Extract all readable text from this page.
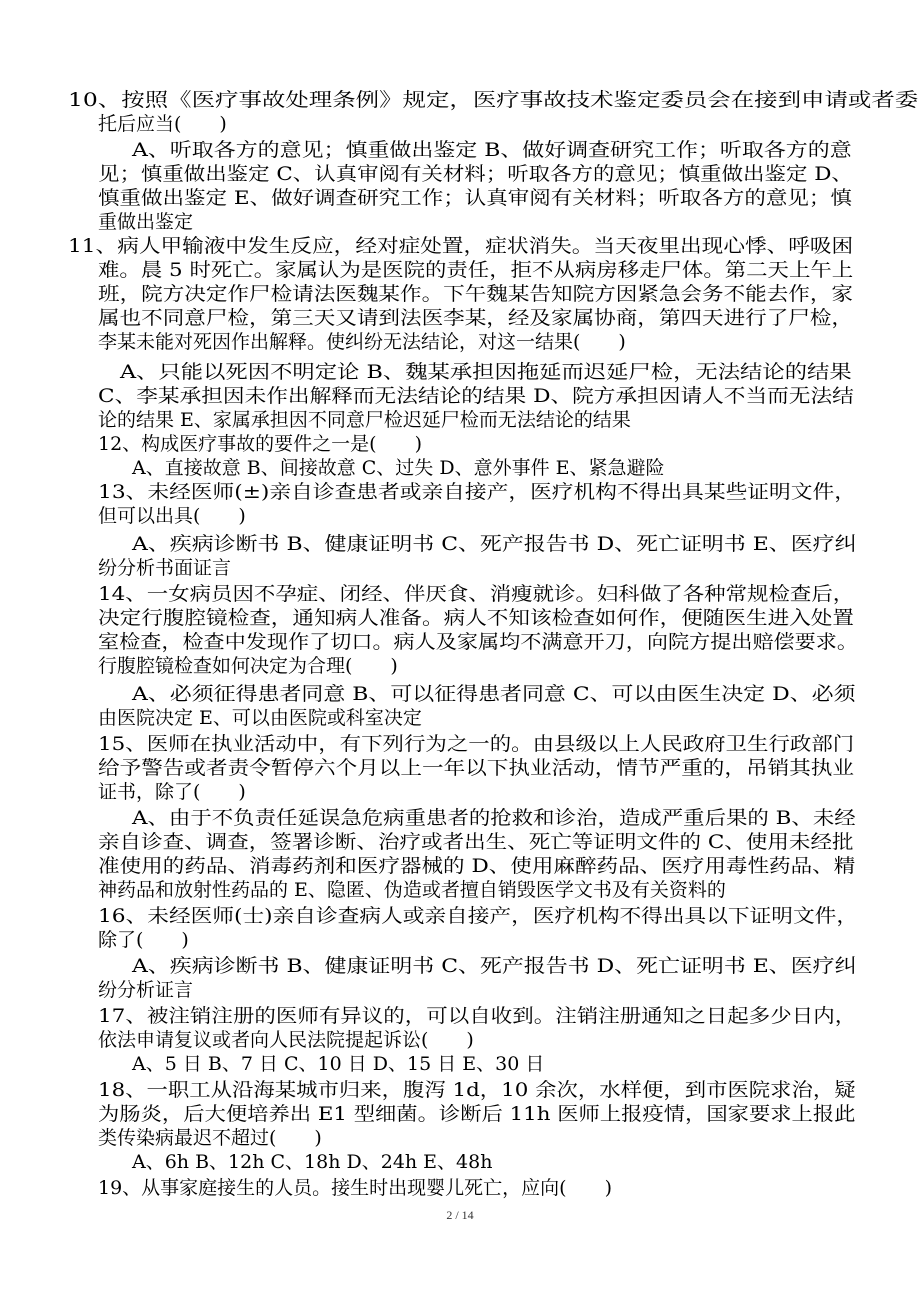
10、按照《医疗事故处理条例》规定，医疗事故技术鉴定委员会在接到申请或者委
托后应当(　　)
A、听取各方的意见；慎重做出鉴定 B、做好调查研究工作；听取各方的意
见；慎重做出鉴定 C、认真审阅有关材料；听取各方的意见；慎重做出鉴定 D、
慎重做出鉴定 E、做好调查研究工作；认真审阅有关材料；听取各方的意见；慎
重做出鉴定
11、病人甲输液中发生反应，经对症处置，症状消失。当天夜里出现心悸、呼吸困
难。晨 5 时死亡。家属认为是医院的责任，拒不从病房移走尸体。第二天上午上
班，院方决定作尸检请法医魏某作。下午魏某告知院方因紧急会务不能去作，家
属也不同意尸检，第三天又请到法医李某，经及家属协商，第四天进行了尸检，
李某未能对死因作出解释。使纠纷无法结论，对这一结果(　　)
A、只能以死因不明定论 B、魏某承担因拖延而迟延尸检，无法结论的结果
C、李某承担因未作出解释而无法结论的结果 D、院方承担因请人不当而无法结
论的结果 E、家属承担因不同意尸检迟延尸检而无法结论的结果
12、构成医疗事故的要件之一是(　　)
A、直接故意 B、间接故意 C、过失 D、意外事件 E、紧急避险
13、未经医师(±)亲自诊查患者或亲自接产，医疗机构不得出具某些证明文件，
但可以出具(　　)
A、疾病诊断书 B、健康证明书 C、死产报告书 D、死亡证明书 E、医疗纠
纷分析书面证言
14、一女病员因不孕症、闭经、伴厌食、消瘦就诊。妇科做了各种常规检查后，
决定行腹腔镜检查，通知病人准备。病人不知该检查如何作，便随医生进入处置
室检查，检查中发现作了切口。病人及家属均不满意开刀，向院方提出赔偿要求。
行腹腔镜检查如何决定为合理(　　)
A、必须征得患者同意 B、可以征得患者同意 C、可以由医生决定 D、必须
由医院决定 E、可以由医院或科室决定
15、医师在执业活动中，有下列行为之一的。由县级以上人民政府卫生行政部门
给予警告或者责令暂停六个月以上一年以下执业活动，情节严重的，吊销其执业
证书，除了(　　)
A、由于不负责任延误急危病重患者的抢救和诊治，造成严重后果的 B、未经
亲自诊查、调查，签署诊断、治疗或者出生、死亡等证明文件的 C、使用未经批
准使用的药品、消毒药剂和医疗器械的 D、使用麻醉药品、医疗用毒性药品、精
神药品和放射性药品的 E、隐匿、伪造或者擅自销毁医学文书及有关资料的
16、未经医师(士)亲自诊查病人或亲自接产，医疗机构不得出具以下证明文件，
除了(　　)
A、疾病诊断书 B、健康证明书 C、死产报告书 D、死亡证明书 E、医疗纠
纷分析证言
17、被注销注册的医师有异议的，可以自收到。注销注册通知之日起多少日内，
依法申请复议或者向人民法院提起诉讼(　　)
A、5 日 B、7 日 C、10 日 D、15 日 E、30 日
18、一职工从沿海某城市归来，腹泻 1d，10 余次，水样便，到市医院求治，疑
为肠炎，后大便培养出 E1 型细菌。诊断后 11h 医师上报疫情，国家要求上报此
类传染病最迟不超过(　　)
A、6h B、12h C、18h D、24h E、48h
19、从事家庭接生的人员。接生时出现婴儿死亡，应向(　　)
2 / 14
